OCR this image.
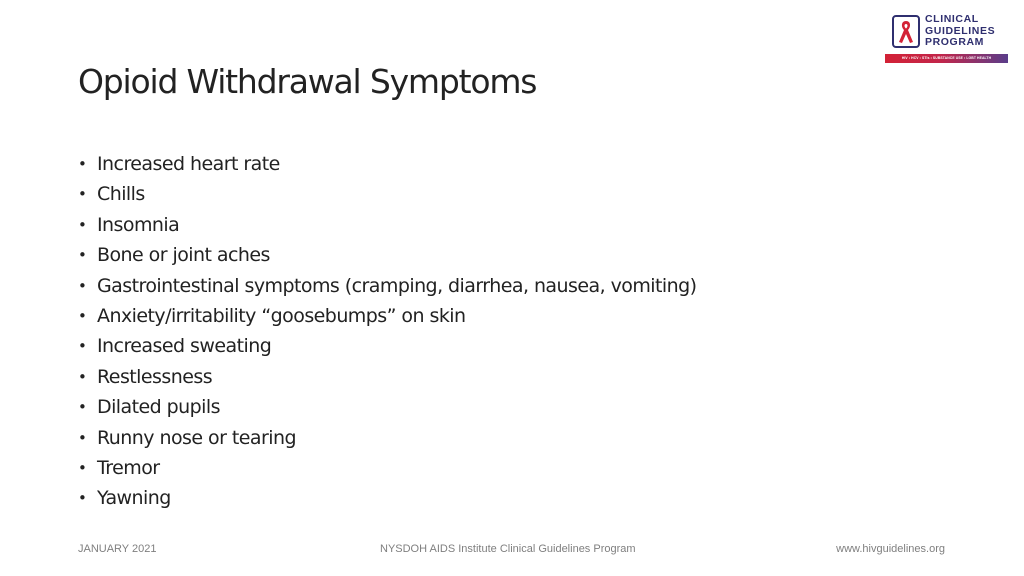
CLINICAL
GUIDELINES
PROGRAM
HIV • HCV • STIs • SUBSTANCE USE • LGBT HEALTH
Opioid Withdrawal Symptoms
• Increased heart rate
• Chills
• Insomnia
• Bone or joint aches
• Gastrointestinal symptoms (cramping, diarrhea, nausea, vomiting)
• Anxiety/irritability “goosebumps” on skin
• Increased sweating
• Restlessness
• Dilated pupils
• Runny nose or tearing
• Tremor
• Yawning
JANUARY 2021	NYSDOH AIDS Institute Clinical Guidelines Program	www.hivguidelines.org
